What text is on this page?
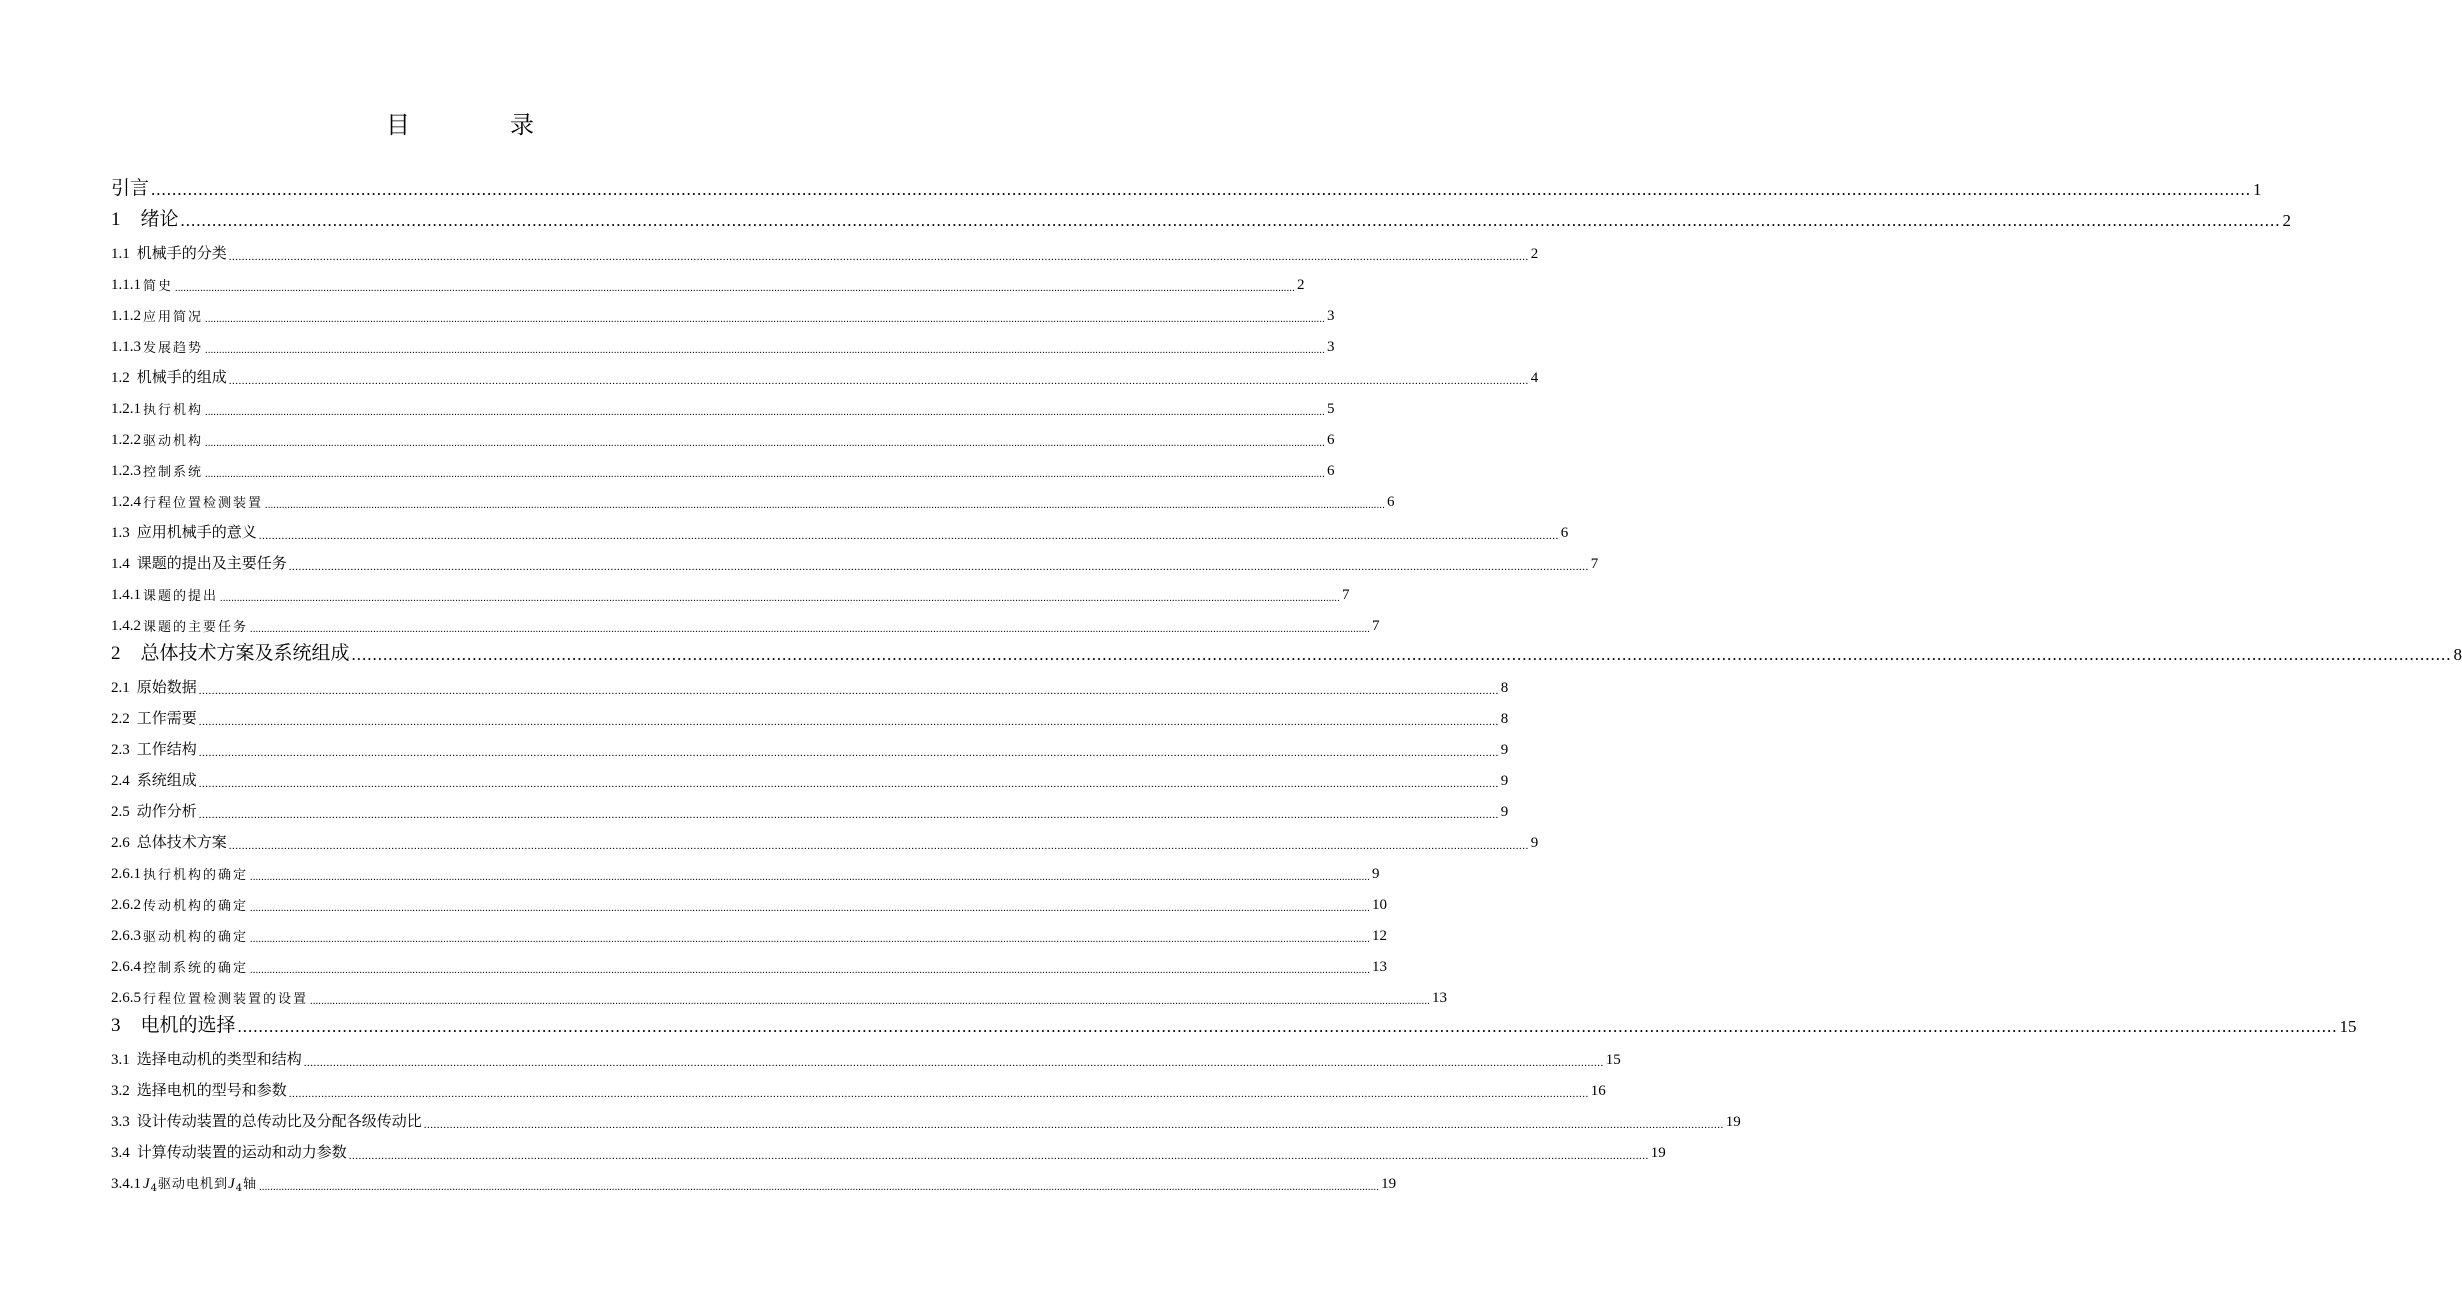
目　录
引言 ................................................................................................................................................................................................................................................................................................................................................................................................................ 1
1 绪论 ................................................................................................................................................................................................................................................................................................................................................................................................................ 2
1.1 机械手的分类 ................................................................................................................................................................................................................................................................................................................................................................................................................ 2
1.1.1 简史 ................................................................................................................................................................................................................................................................................................................................................................................................................ 2
1.1.2 应用简况 ................................................................................................................................................................................................................................................................................................................................................................................................................ 3
1.1.3 发展趋势 ................................................................................................................................................................................................................................................................................................................................................................................................................ 3
1.2 机械手的组成 ................................................................................................................................................................................................................................................................................................................................................................................................................ 4
1.2.1 执行机构 ................................................................................................................................................................................................................................................................................................................................................................................................................ 5
1.2.2 驱动机构 ................................................................................................................................................................................................................................................................................................................................................................................................................ 6
1.2.3 控制系统 ................................................................................................................................................................................................................................................................................................................................................................................................................ 6
1.2.4 行程位置检测装置 ................................................................................................................................................................................................................................................................................................................................................................................................................ 6
1.3 应用机械手的意义 ................................................................................................................................................................................................................................................................................................................................................................................................................ 6
1.4 课题的提出及主要任务 ................................................................................................................................................................................................................................................................................................................................................................................................................ 7
1.4.1 课题的提出 ................................................................................................................................................................................................................................................................................................................................................................................................................ 7
1.4.2 课题的主要任务 ................................................................................................................................................................................................................................................................................................................................................................................................................ 7
2 总体技术方案及系统组成 ................................................................................................................................................................................................................................................................................................................................................................................................................ 8
2.1 原始数据 ................................................................................................................................................................................................................................................................................................................................................................................................................ 8
2.2 工作需要 ................................................................................................................................................................................................................................................................................................................................................................................................................ 8
2.3 工作结构 ................................................................................................................................................................................................................................................................................................................................................................................................................ 9
2.4 系统组成 ................................................................................................................................................................................................................................................................................................................................................................................................................ 9
2.5 动作分析 ................................................................................................................................................................................................................................................................................................................................................................................................................ 9
2.6 总体技术方案 ................................................................................................................................................................................................................................................................................................................................................................................................................ 9
2.6.1 执行机构的确定 ................................................................................................................................................................................................................................................................................................................................................................................................................ 9
2.6.2 传动机构的确定 ................................................................................................................................................................................................................................................................................................................................................................................................................ 10
2.6.3 驱动机构的确定 ................................................................................................................................................................................................................................................................................................................................................................................................................ 12
2.6.4 控制系统的确定 ................................................................................................................................................................................................................................................................................................................................................................................................................ 13
2.6.5 行程位置检测装置的设置 ................................................................................................................................................................................................................................................................................................................................................................................................................ 13
3 电机的选择 ................................................................................................................................................................................................................................................................................................................................................................................................................ 15
3.1 选择电动机的类型和结构 ................................................................................................................................................................................................................................................................................................................................................................................................................ 15
3.2 选择电机的型号和参数 ................................................................................................................................................................................................................................................................................................................................................................................................................ 16
3.3 设计传动装置的总传动比及分配各级传动比 ................................................................................................................................................................................................................................................................................................................................................................................................................ 19
3.4 计算传动装置的运动和动力参数 ................................................................................................................................................................................................................................................................................................................................................................................................................ 19
3.4.1 $J_4$驱动电机到$J_4$轴 ................................................................................................................................................................................................................................................................................................................................................................................................................ 19
